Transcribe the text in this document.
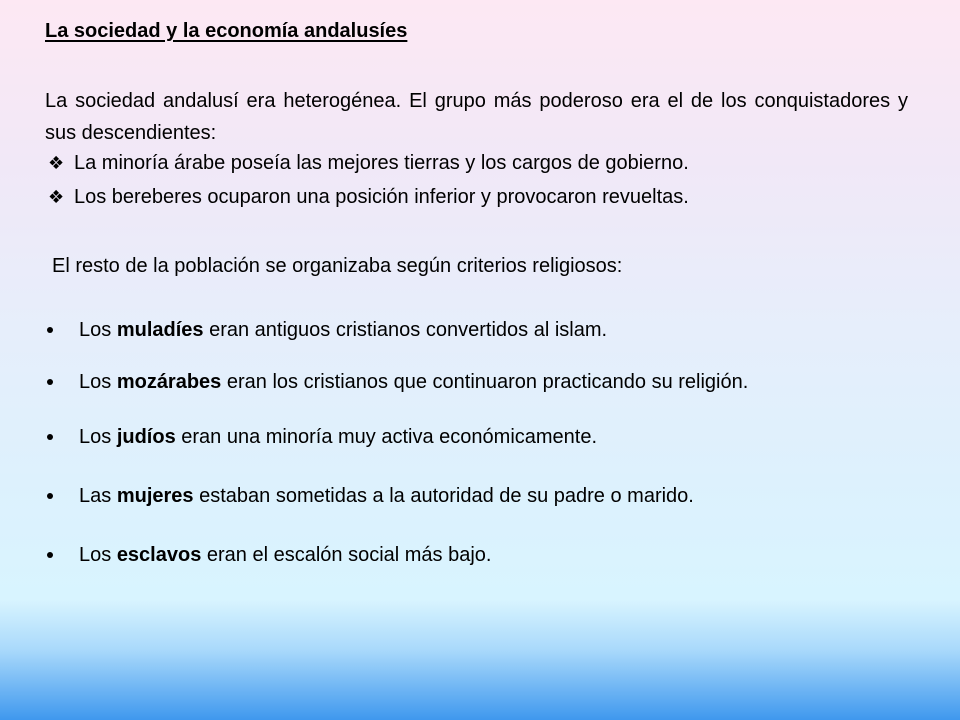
La sociedad y la economía andalusíes
La sociedad andalusí era heterogénea. El grupo más poderoso era el de los conquistadores y sus descendientes:
❖ La minoría árabe poseía las mejores tierras y los cargos de gobierno.
❖ Los bereberes ocuparon una posición inferior y provocaron revueltas.
El resto de la población se organizaba según criterios religiosos:
Los muladíes eran antiguos cristianos convertidos al islam.
Los mozárabes eran los cristianos que continuaron practicando su religión.
Los judíos eran una minoría muy activa económicamente.
Las mujeres estaban sometidas a la autoridad de su padre o marido.
Los esclavos eran el escalón social más bajo.
